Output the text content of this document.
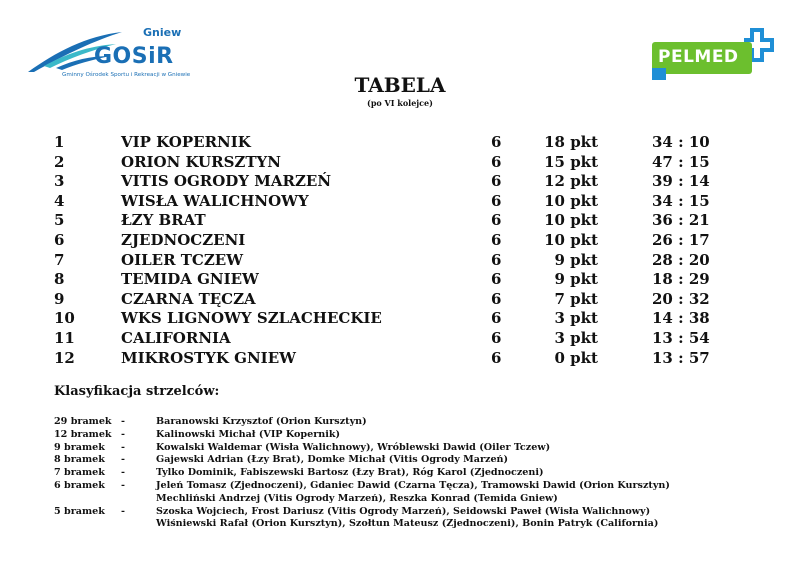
Gniew
GOSiR
Gminny Ośrodek Sportu i Rekreacji w Gniewie
PELMED
TABELA
(po VI kolejce)
1	VIP KOPERNIK	6	18 pkt	34 : 10
2	ORION KURSZTYN	6	15 pkt	47 : 15
3	VITIS OGRODY MARZEŃ	6	12 pkt	39 : 14
4	WISŁA WALICHNOWY	6	10 pkt	34 : 15
5	ŁZY BRAT	6	10 pkt	36 : 21
6	ZJEDNOCZENI	6	10 pkt	26 : 17
7	OILER TCZEW	6	9 pkt	28 : 20
8	TEMIDA GNIEW	6	9 pkt	18 : 29
9	CZARNA TĘCZA	6	7 pkt	20 : 32
10	WKS LIGNOWY SZLACHECKIE	6	3 pkt	14 : 38
11	CALIFORNIA	6	3 pkt	13 : 54
12	MIKROSTYK GNIEW	6	0 pkt	13 : 57
Klasyfikacja strzelców:
29 bramek -	Baranowski Krzysztof (Orion Kursztyn)
12 bramek -	Kalinowski Michał (VIP Kopernik)
9 bramek -	Kowalski Waldemar (Wisła Walichnowy), Wróblewski Dawid (Oiler Tczew)
8 bramek -	Gajewski Adrian (Łzy Brat), Domke Michał (Vitis Ogrody Marzeń)
7 bramek -	Tylko Dominik, Fabiszewski Bartosz (Łzy Brat), Róg Karol (Zjednoczeni)
6 bramek -	Jeleń Tomasz (Zjednoczeni), Gdaniec Dawid (Czarna Tęcza), Tramowski Dawid (Orion Kursztyn)
Mechliński Andrzej (Vitis Ogrody Marzeń), Reszka Konrad (Temida Gniew)
5 bramek -	Szoska Wojciech, Frost Dariusz (Vitis Ogrody Marzeń), Seidowski Paweł (Wisła Walichnowy)
Wiśniewski Rafał (Orion Kursztyn), Szołtun Mateusz (Zjednoczeni), Bonin Patryk (California)
